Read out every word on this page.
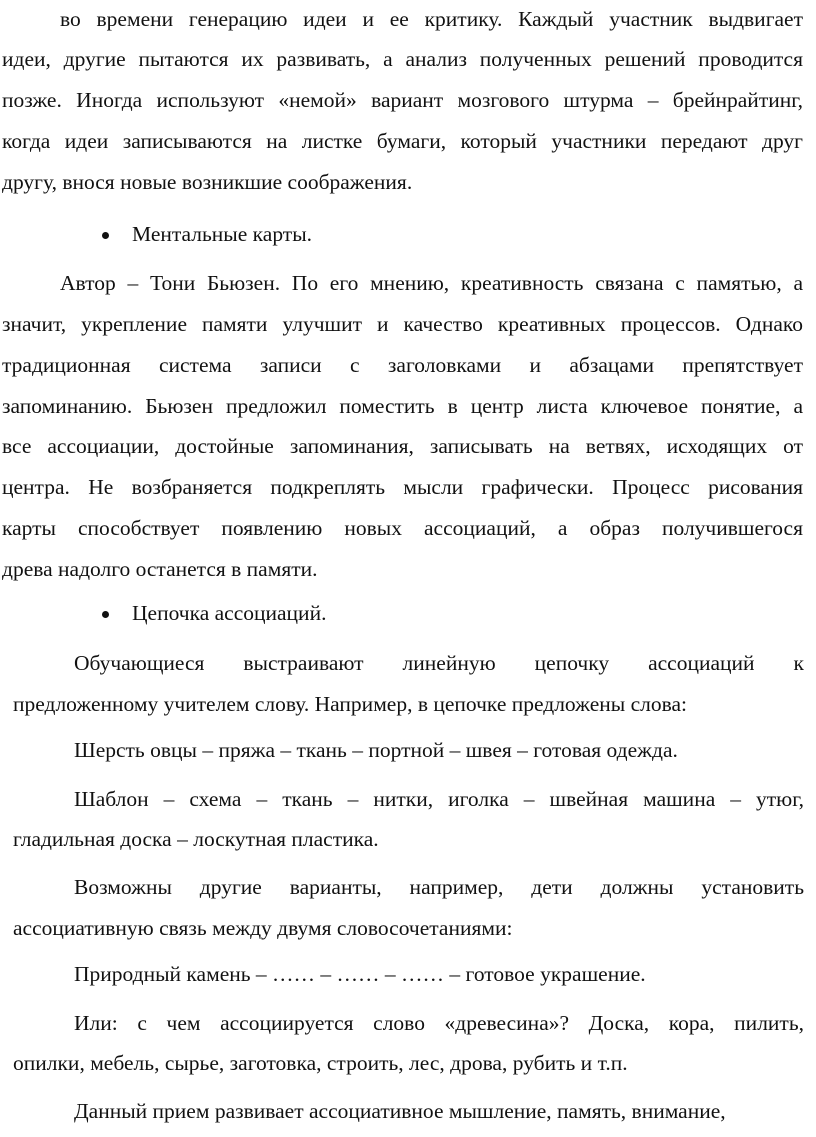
во времени генерацию идеи и ее критику. Каждый участник выдвигает
идеи, другие пытаются их развивать, а анализ полученных решений проводится
позже. Иногда используют «немой» вариант мозгового штурма – брейнрайтинг,
когда идеи записываются на листке бумаги, который участники передают друг
другу, внося новые возникшие соображения.
Ментальные карты.
Автор – Тони Бьюзен. По его мнению, креативность связана с памятью, а
значит, укрепление памяти улучшит и качество креативных процессов. Однако
традиционная система записи с заголовками и абзацами препятствует
запоминанию. Бьюзен предложил поместить в центр листа ключевое понятие, а
все ассоциации, достойные запоминания, записывать на ветвях, исходящих от
центра. Не возбраняется подкреплять мысли графически. Процесс рисования
карты способствует появлению новых ассоциаций, а образ получившегося
древа надолго останется в памяти.
Цепочка ассоциаций.
Обучающиеся выстраивают линейную цепочку ассоциаций к
предложенному учителем слову. Например, в цепочке предложены слова:
Шерсть овцы – пряжа – ткань – портной – швея – готовая одежда.
Шаблон – схема – ткань – нитки, иголка – швейная машина – утюг,
гладильная доска – лоскутная пластика.
Возможны другие варианты, например, дети должны установить
ассоциативную связь между двумя словосочетаниями:
Природный камень – …… – …… – …… – готовое украшение.
Или: с чем ассоциируется слово «древесина»? Доска, кора, пилить,
опилки, мебель, сырье, заготовка, строить, лес, дрова, рубить и т.п.
Данный прием развивает ассоциативное мышление, память, внимание,
